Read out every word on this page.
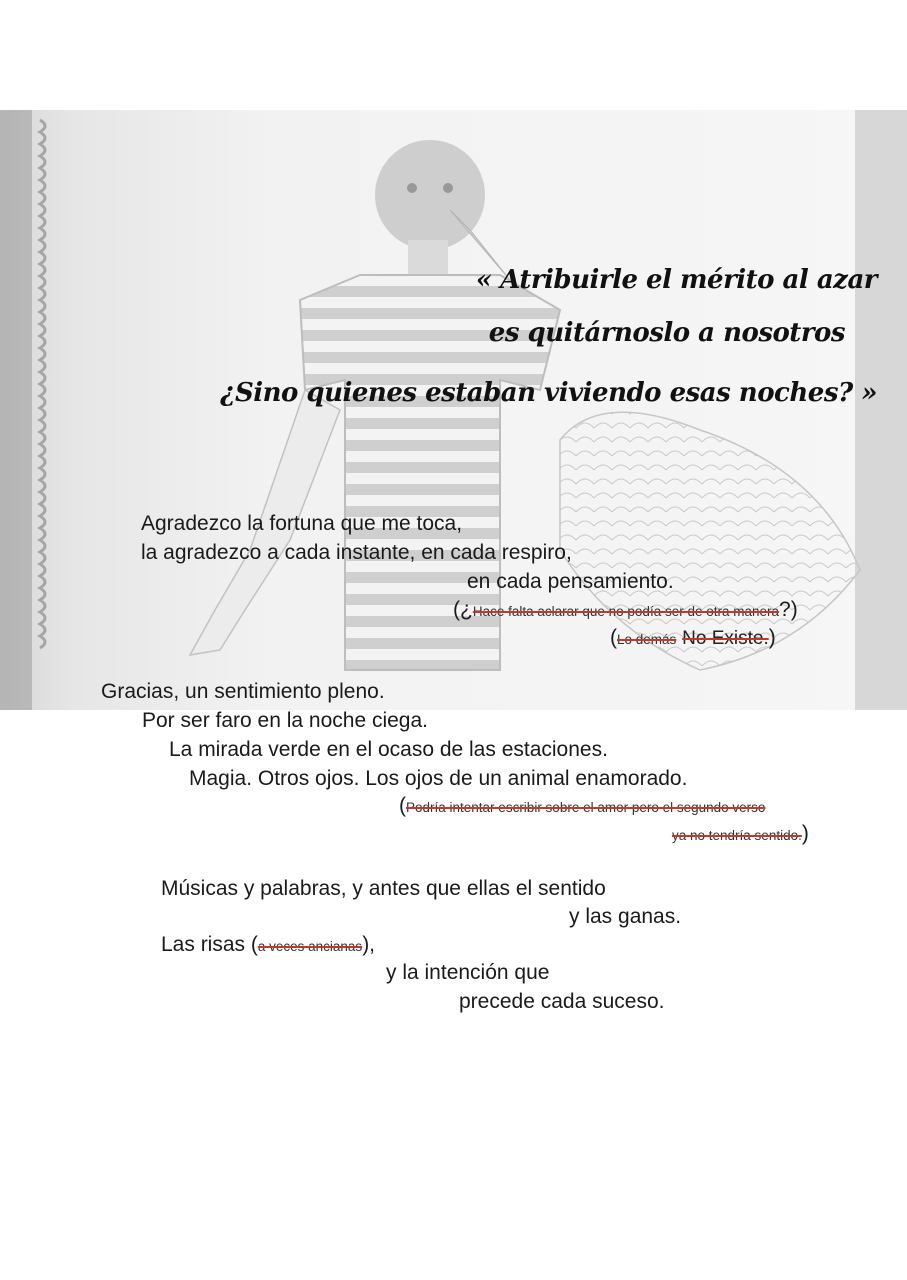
« Atribuirle el mérito al azar
es quitárnoslo a nosotros
¿Sino quienes estaban viviendo esas noches? »
Agradezco la fortuna que me toca,
la agradezco a cada instante, en cada respiro,
en cada pensamiento.
(¿Hace falta aclarar que no podía ser de otra manera?)
(Lo demás No Existe.)
Gracias, un sentimiento pleno.
Por ser faro en la noche ciega.
La mirada verde en el ocaso de las estaciones.
Magia. Otros ojos. Los ojos de un animal enamorado.
(Podría intentar escribir sobre el amor pero el segundo verso
ya no tendría sentido.)
Músicas y palabras, y antes que ellas el sentido
y las ganas.
Las risas (a veces ancianas),
y la intención que
precede cada suceso.
